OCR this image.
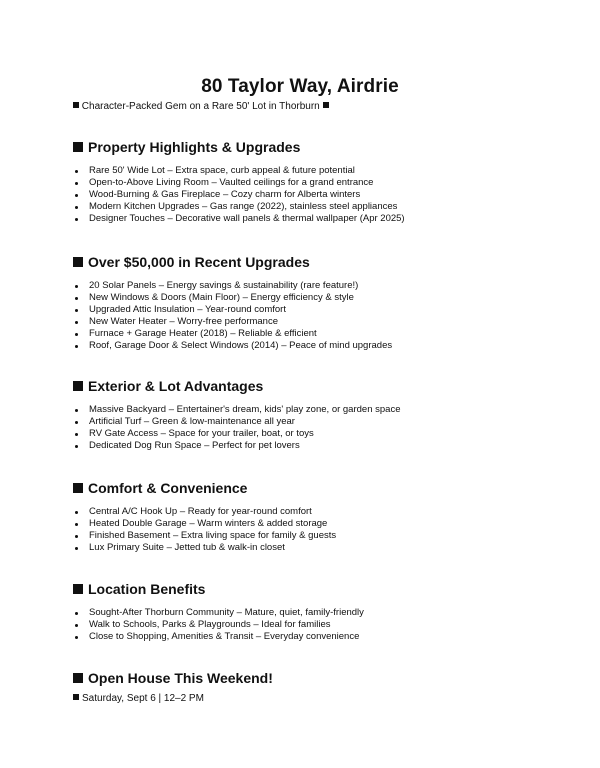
80 Taylor Way, Airdrie
Character-Packed Gem on a Rare 50' Lot in Thorburn
Property Highlights & Upgrades
Rare 50' Wide Lot – Extra space, curb appeal & future potential
Open-to-Above Living Room – Vaulted ceilings for a grand entrance
Wood-Burning & Gas Fireplace – Cozy charm for Alberta winters
Modern Kitchen Upgrades – Gas range (2022), stainless steel appliances
Designer Touches – Decorative wall panels & thermal wallpaper (Apr 2025)
Over $50,000 in Recent Upgrades
20 Solar Panels – Energy savings & sustainability (rare feature!)
New Windows & Doors (Main Floor) – Energy efficiency & style
Upgraded Attic Insulation – Year-round comfort
New Water Heater – Worry-free performance
Furnace + Garage Heater (2018) – Reliable & efficient
Roof, Garage Door & Select Windows (2014) – Peace of mind upgrades
Exterior & Lot Advantages
Massive Backyard – Entertainer's dream, kids' play zone, or garden space
Artificial Turf – Green & low-maintenance all year
RV Gate Access – Space for your trailer, boat, or toys
Dedicated Dog Run Space – Perfect for pet lovers
Comfort & Convenience
Central A/C Hook Up – Ready for year-round comfort
Heated Double Garage – Warm winters & added storage
Finished Basement – Extra living space for family & guests
Lux Primary Suite – Jetted tub & walk-in closet
Location Benefits
Sought-After Thorburn Community – Mature, quiet, family-friendly
Walk to Schools, Parks & Playgrounds – Ideal for families
Close to Shopping, Amenities & Transit – Everyday convenience
Open House This Weekend!
Saturday, Sept 6 | 12–2 PM
